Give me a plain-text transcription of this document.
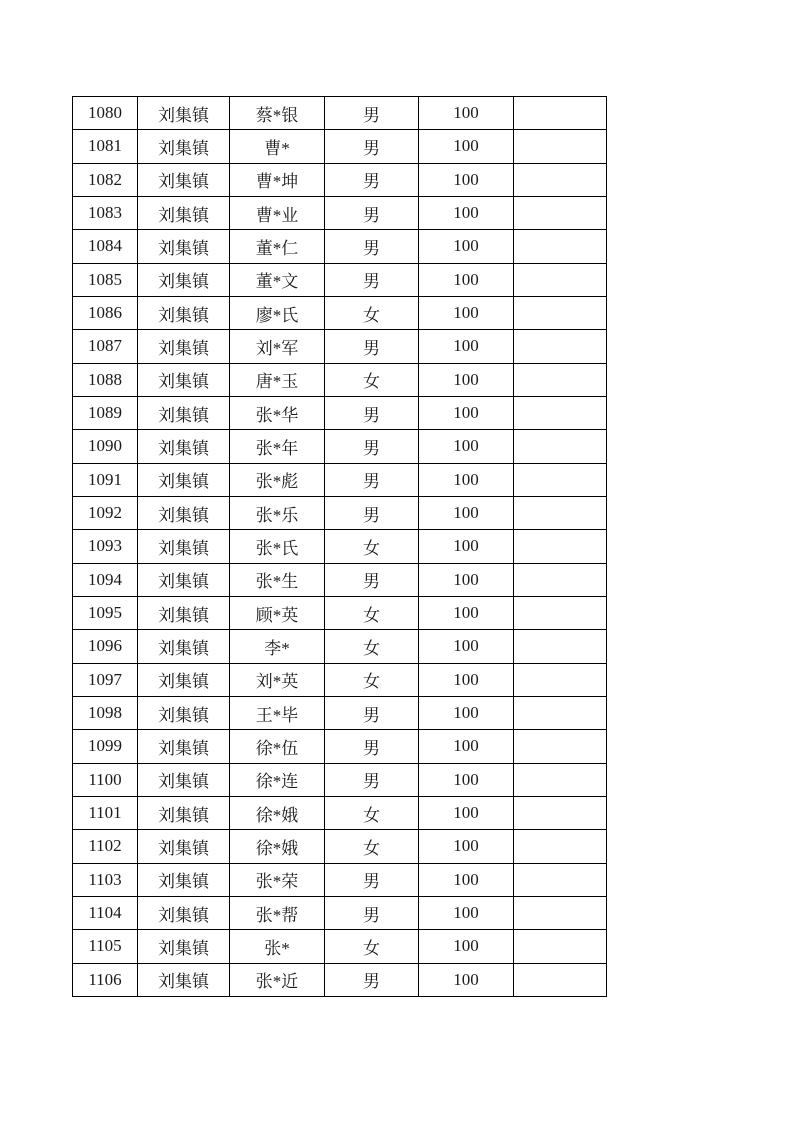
1080	刘集镇	蔡*银	男	100	
1081	刘集镇	曹*	男	100	
1082	刘集镇	曹*坤	男	100	
1083	刘集镇	曹*业	男	100	
1084	刘集镇	董*仁	男	100	
1085	刘集镇	董*文	男	100	
1086	刘集镇	廖*氏	女	100	
1087	刘集镇	刘*军	男	100	
1088	刘集镇	唐*玉	女	100	
1089	刘集镇	张*华	男	100	
1090	刘集镇	张*年	男	100	
1091	刘集镇	张*彪	男	100	
1092	刘集镇	张*乐	男	100	
1093	刘集镇	张*氏	女	100	
1094	刘集镇	张*生	男	100	
1095	刘集镇	顾*英	女	100	
1096	刘集镇	李*	女	100	
1097	刘集镇	刘*英	女	100	
1098	刘集镇	王*毕	男	100	
1099	刘集镇	徐*伍	男	100	
1100	刘集镇	徐*连	男	100	
1101	刘集镇	徐*娥	女	100	
1102	刘集镇	徐*娥	女	100	
1103	刘集镇	张*荣	男	100	
1104	刘集镇	张*帮	男	100	
1105	刘集镇	张*	女	100	
1106	刘集镇	张*近	男	100	
